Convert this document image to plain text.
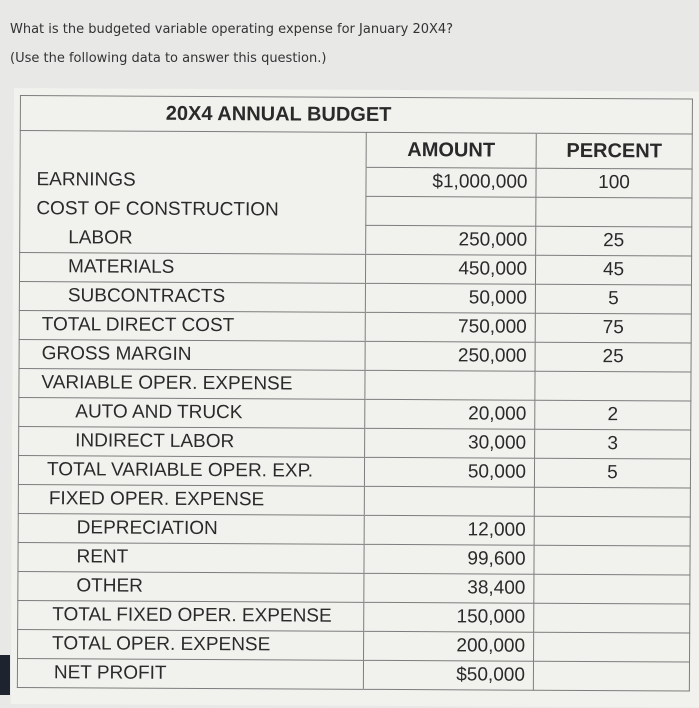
What is the budgeted variable operating expense for January 20X4?
(Use the following data to answer this question.)
20X4 ANNUAL BUDGET		
	AMOUNT	PERCENT
EARNINGS	$1,000,000	100
COST OF CONSTRUCTION		
LABOR	250,000	25
MATERIALS	450,000	45
SUBCONTRACTS	50,000	5
TOTAL DIRECT COST	750,000	75
GROSS MARGIN	250,000	25
VARIABLE OPER. EXPENSE		
AUTO AND TRUCK	20,000	2
INDIRECT LABOR	30,000	3
TOTAL VARIABLE OPER. EXP.	50,000	5
FIXED OPER. EXPENSE		
DEPRECIATION	12,000	
RENT	99,600	
OTHER	38,400	
TOTAL FIXED OPER. EXPENSE	150,000	
TOTAL OPER. EXPENSE	200,000	
NET PROFIT	$50,000	
